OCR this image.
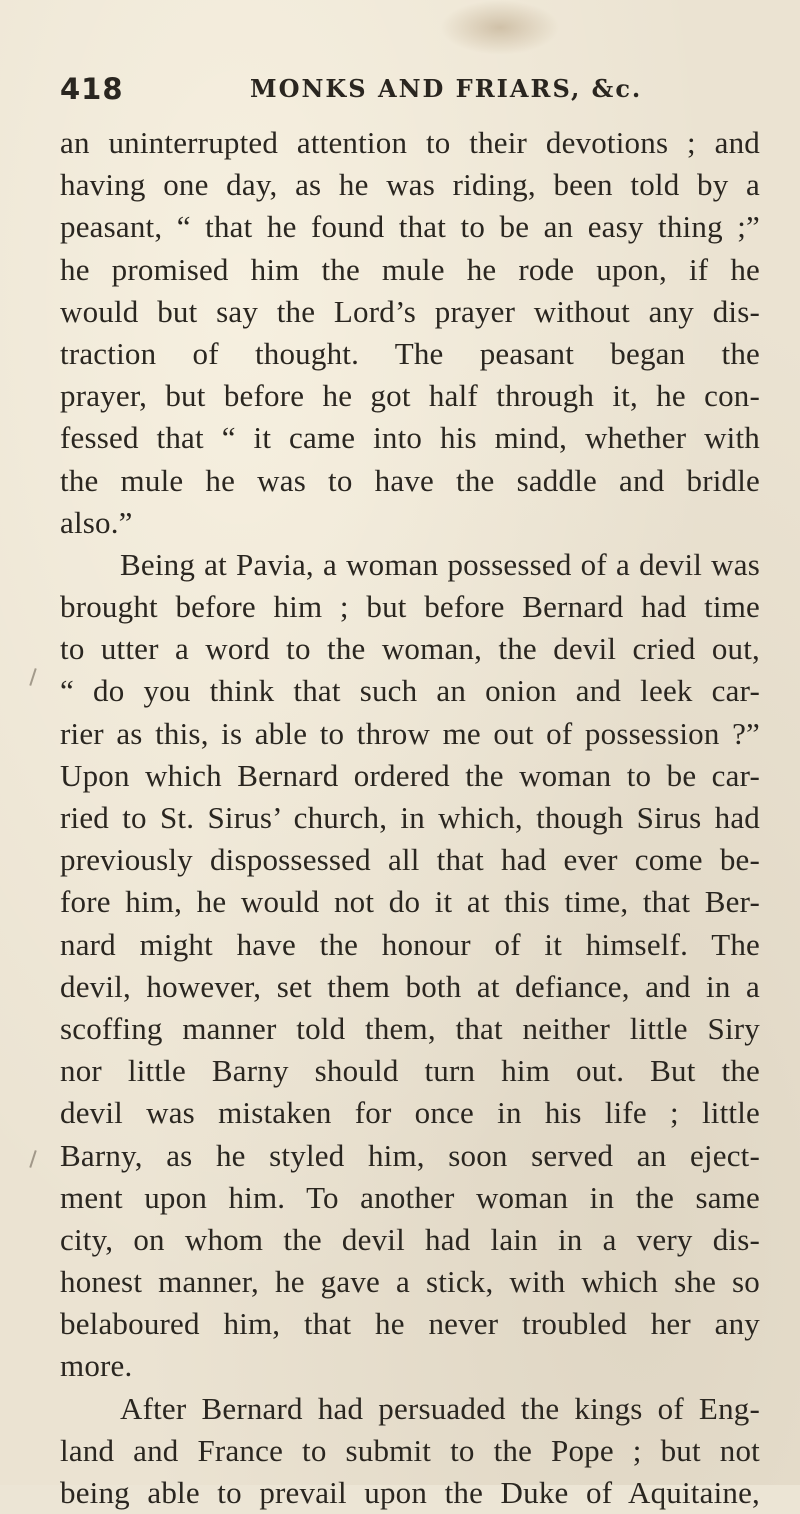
418	MONKS AND FRIARS, &c.
an uninterrupted attention to their devotions ; and
having one day, as he was riding, been told by a
peasant, “ that he found that to be an easy thing ;”
he promised him the mule he rode upon, if he
would but say the Lord’s prayer without any dis-
traction of thought. The peasant began the
prayer, but before he got half through it, he con-
fessed that “ it came into his mind, whether with
the mule he was to have the saddle and bridle
also.”
Being at Pavia, a woman possessed of a devil was
brought before him ; but before Bernard had time
to utter a word to the woman, the devil cried out,
“ do you think that such an onion and leek car-
rier as this, is able to throw me out of possession ?”
Upon which Bernard ordered the woman to be car-
ried to St. Sirus’ church, in which, though Sirus had
previously dispossessed all that had ever come be-
fore him, he would not do it at this time, that Ber-
nard might have the honour of it himself. The
devil, however, set them both at defiance, and in a
scoffing manner told them, that neither little Siry
nor little Barny should turn him out. But the
devil was mistaken for once in his life ; little
Barny, as he styled him, soon served an eject-
ment upon him. To another woman in the same
city, on whom the devil had lain in a very dis-
honest manner, he gave a stick, with which she so
belaboured him, that he never troubled her any
more.
After Bernard had persuaded the kings of Eng-
land and France to submit to the Pope ; but not
being able to prevail upon the Duke of Aquitaine,
